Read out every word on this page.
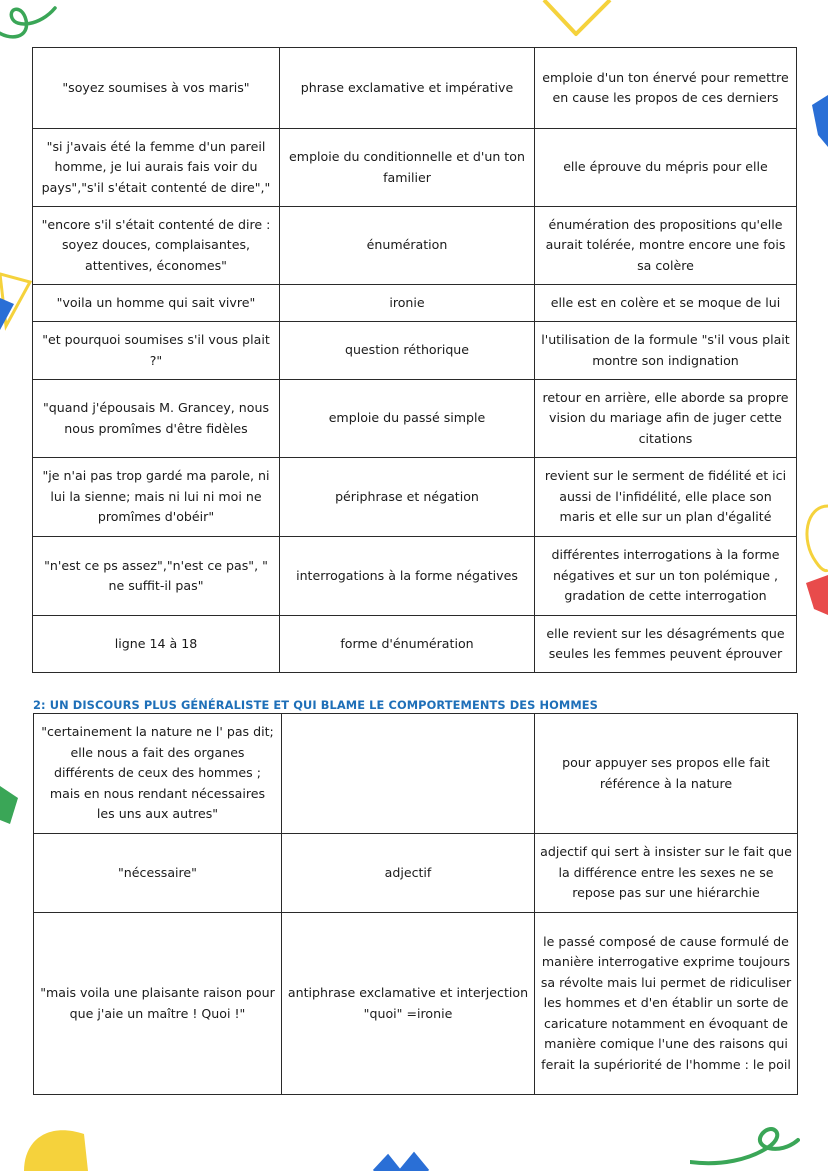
"soyez soumises à vos maris"	phrase exclamative et impérative	emploie d'un ton énervé pour remettre en cause les propos de ces derniers
"si j'avais été la femme d'un pareil homme, je lui aurais fais voir du pays","s'il s'était contenté de dire","	emploie du conditionnelle et d'un ton familier	elle éprouve du mépris pour elle
"encore s'il s'était contenté de dire : soyez douces, complaisantes, attentives, économes"	énumération	énumération des propositions qu'elle aurait tolérée, montre encore une fois sa colère
"voila un homme qui sait vivre"	ironie	elle est en colère et se moque de lui
"et pourquoi soumises s'il vous plait ?"	question réthorique	l'utilisation de la formule "s'il vous plait montre son indignation
"quand j'épousais M. Grancey, nous nous promîmes d'être fidèles	emploie du passé simple	retour en arrière, elle aborde sa propre vision du mariage afin de juger cette citations
"je n'ai pas trop gardé ma parole, ni lui la sienne; mais ni lui ni moi ne promîmes d'obéir"	périphrase et négation	revient sur le serment de fidélité et ici aussi de l'infidélité, elle place son maris et elle sur un plan d'égalité
"n'est ce ps assez","n'est ce pas", " ne suffit-il pas"	interrogations à la forme négatives	différentes interrogations à la forme négatives et sur un ton polémique , gradation de cette interrogation
ligne 14 à 18	forme d'énumération	elle revient sur les désagréments que seules les femmes peuvent éprouver
2: UN DISCOURS PLUS GÉNÉRALISTE ET QUI BLAME LE COMPORTEMENTS DES HOMMES
"certainement la nature ne l' pas dit; elle nous a fait des organes différents de ceux des hommes ; mais en nous rendant nécessaires les uns aux autres"		pour appuyer ses propos elle fait référence à la nature
"nécessaire"	adjectif	adjectif qui sert à insister sur le fait que la différence entre les sexes ne se repose pas sur une hiérarchie
"mais voila une plaisante raison pour que j'aie un maître ! Quoi !"	antiphrase exclamative et interjection "quoi" =ironie	le passé composé de cause formulé de manière interrogative exprime toujours sa révolte mais lui permet de ridiculiser les hommes et d'en établir un sorte de caricature notamment en évoquant de manière comique l'une des raisons qui ferait la supériorité de l'homme : le poil
